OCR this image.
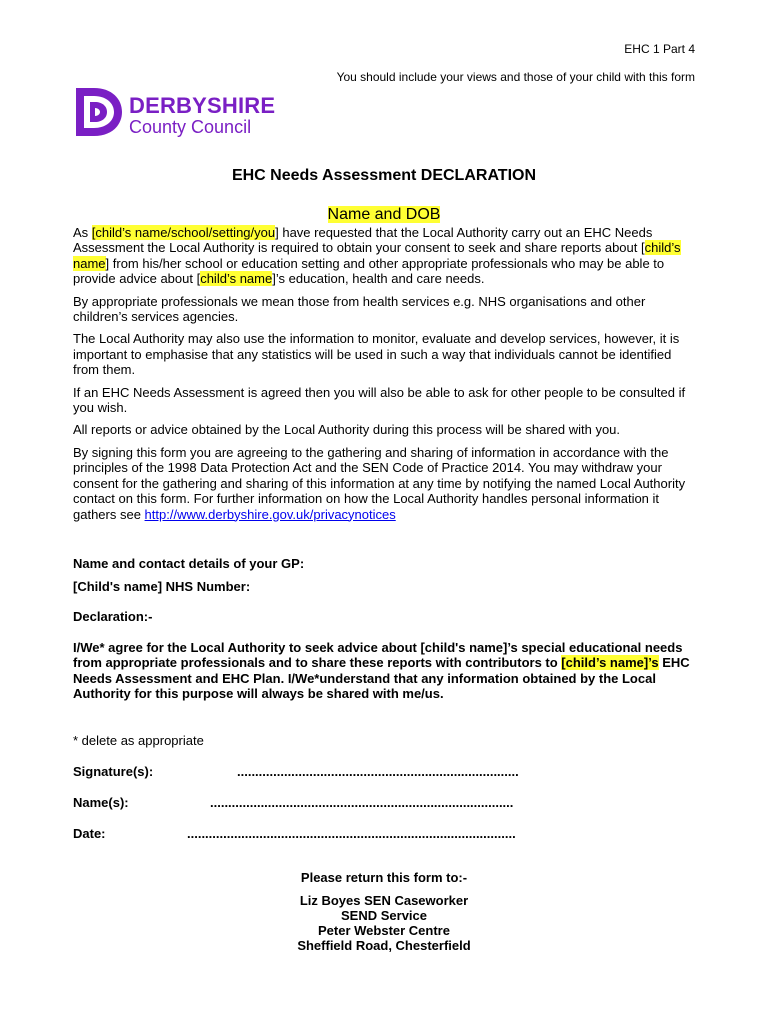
EHC 1 Part 4
You should include your views and those of your child with this form
DERBYSHIRE
County Council
EHC Needs Assessment DECLARATION
Name and DOB

As [child’s name/school/setting/you] have requested that the Local Authority carry out an EHC Needs Assessment the Local Authority is required to obtain your consent to seek and share reports about [child’s name] from his/her school or education setting and other appropriate professionals who may be able to provide advice about [child’s name]’s education, health and care needs.

By appropriate professionals we mean those from health services e.g. NHS organisations and other children’s services agencies.

The Local Authority may also use the information to monitor, evaluate and develop services, however, it is important to emphasise that any statistics will be used in such a way that individuals cannot be identified from them.

If an EHC Needs Assessment is agreed then you will also be able to ask for other people to be consulted if you wish.

All reports or advice obtained by the Local Authority during this process will be shared with you.

By signing this form you are agreeing to the gathering and sharing of information in accordance with the principles of the 1998 Data Protection Act and the SEN Code of Practice 2014. You may withdraw your consent for the gathering and sharing of this information at any time by notifying the named Local Authority contact on this form. For further information on how the Local Authority handles personal information it gathers see http://www.derbyshire.gov.uk/privacynotices

Name and contact details of your GP:
[Child's name] NHS Number:
Declaration:-
I/We* agree for the Local Authority to seek advice about [child's name]’s special educational needs from appropriate professionals and to share these reports with contributors to [child’s name]’s EHC Needs Assessment and EHC Plan. I/We*understand that any information obtained by the Local Authority for this purpose will always be shared with me/us.
* delete as appropriate
Signature(s):	..............................................................................
Name(s):	....................................................................................
Date:	...........................................................................................
Please return this form to:-
Liz Boyes SEN Caseworker
SEND Service
Peter Webster Centre
Sheffield Road, Chesterfield
